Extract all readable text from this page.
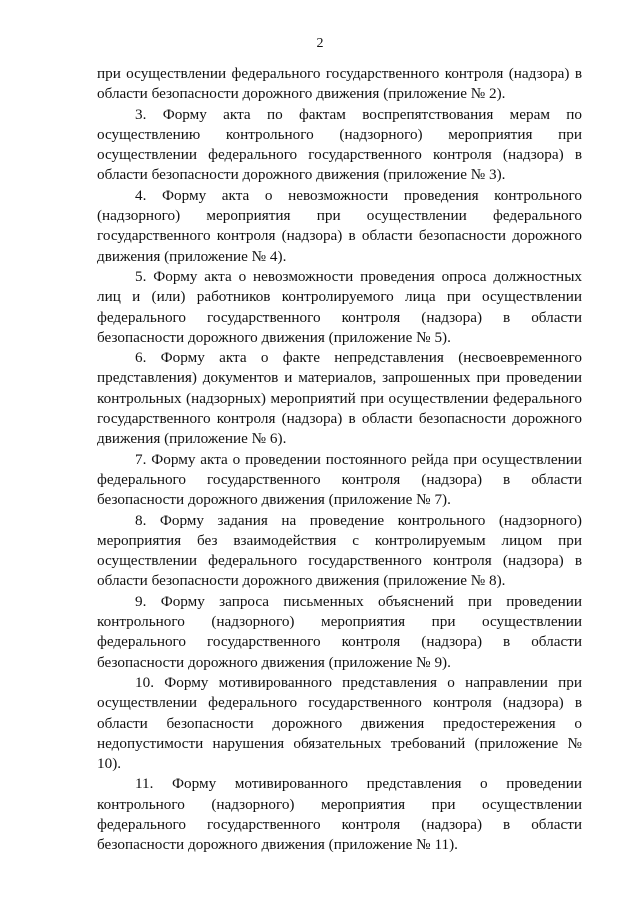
2

при осуществлении федерального государственного контроля (надзора) в области безопасности дорожного движения (приложение № 2).

3. Форму акта по фактам воспрепятствования мерам по осуществлению контрольного (надзорного) мероприятия при осуществлении федерального государственного контроля (надзора) в области безопасности дорожного движения (приложение № 3).

4. Форму акта о невозможности проведения контрольного (надзорного) мероприятия при осуществлении федерального государственного контроля (надзора) в области безопасности дорожного движения (приложение № 4).

5. Форму акта о невозможности проведения опроса должностных лиц и (или) работников контролируемого лица при осуществлении федерального государственного контроля (надзора) в области безопасности дорожного движения (приложение № 5).

6. Форму акта о факте непредставления (несвоевременного представления) документов и материалов, запрошенных при проведении контрольных (надзорных) мероприятий при осуществлении федерального государственного контроля (надзора) в области безопасности дорожного движения (приложение № 6).

7. Форму акта о проведении постоянного рейда при осуществлении федерального государственного контроля (надзора) в области безопасности дорожного движения (приложение № 7).

8. Форму задания на проведение контрольного (надзорного) мероприятия без взаимодействия с контролируемым лицом при осуществлении федерального государственного контроля (надзора) в области безопасности дорожного движения (приложение № 8).

9. Форму запроса письменных объяснений при проведении контрольного (надзорного) мероприятия при осуществлении федерального государственного контроля (надзора) в области безопасности дорожного движения (приложение № 9).

10. Форму мотивированного представления о направлении при осуществлении федерального государственного контроля (надзора) в области безопасности дорожного движения предостережения о недопустимости нарушения обязательных требований (приложение № 10).

11. Форму мотивированного представления о проведении контрольного (надзорного) мероприятия при осуществлении федерального государственного контроля (надзора) в области безопасности дорожного движения (приложение № 11).
